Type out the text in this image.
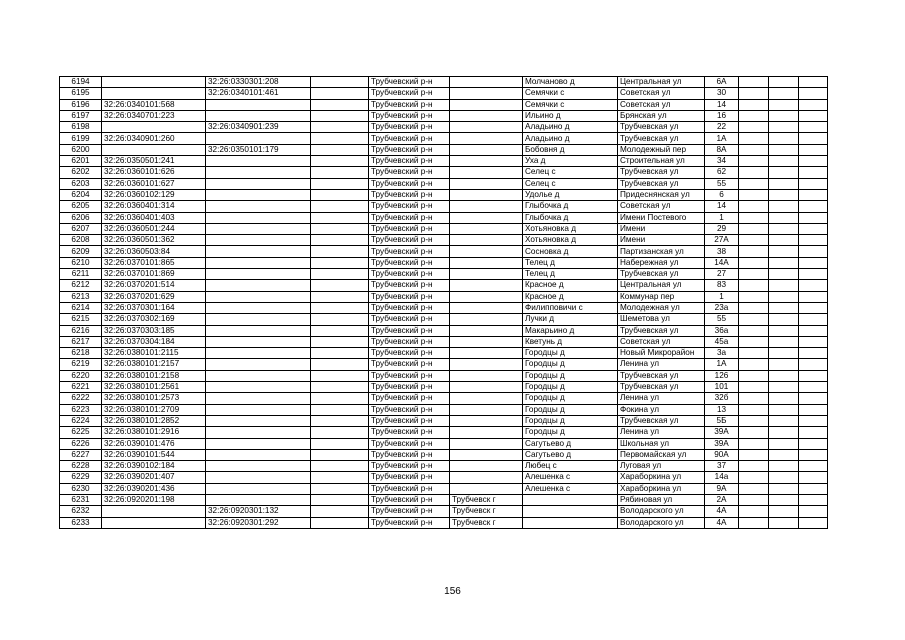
6194		32:26:0330301:208		Трубчевский р-н		Молчаново д	Центральная ул	6А			
6195		32:26:0340101:461		Трубчевский р-н		Семячки с	Советская ул	30			
6196	32:26:0340101:568			Трубчевский р-н		Семячки с	Советская ул	14			
6197	32:26:0340701:223			Трубчевский р-н		Ильино д	Брянская ул	16			
6198		32:26:0340901:239		Трубчевский р-н		Аладьино д	Трубчевская ул	22			
6199	32:26:0340901:260			Трубчевский р-н		Аладьино д	Трубчевская ул	1А			
6200		32:26:0350101:179		Трубчевский р-н		Бобовня д	Молодежный пер	8А			
6201	32:26:0350501:241			Трубчевский р-н		Уха д	Строительная ул	34			
6202	32:26:0360101:626			Трубчевский р-н		Селец с	Трубчевская ул	62			
6203	32:26:0360101:627			Трубчевский р-н		Селец с	Трубчевская ул	55			
6204	32:26:0360102:129			Трубчевский р-н		Удолье д	Придеснянская ул	6			
6205	32:26:0360401:314			Трубчевский р-н		Глыбочка д	Советская ул	14			
6206	32:26:0360401:403			Трубчевский р-н		Глыбочка д	Имени Постевого	1			
6207	32:26:0360501:244			Трубчевский р-н		Хотьяновка д	Имени	29			
6208	32:26:0360501:362			Трубчевский р-н		Хотьяновка д	Имени	27А			
6209	32:26:0360503:84			Трубчевский р-н		Сосновка д	Партизанская ул	38			
6210	32:26:0370101:865			Трубчевский р-н		Телец д	Набережная ул	14А			
6211	32:26:0370101:869			Трубчевский р-н		Телец д	Трубчевская ул	27			
6212	32:26:0370201:514			Трубчевский р-н		Красное д	Центральная ул	83			
6213	32:26:0370201:629			Трубчевский р-н		Красное д	Коммунар пер	1			
6214	32:26:0370301:164			Трубчевский р-н		Филипповичи с	Молодежная ул	23а			
6215	32:26:0370302:169			Трубчевский р-н		Лучки д	Шеметова ул	55			
6216	32:26:0370303:185			Трубчевский р-н		Макарьино д	Трубчевская ул	36а			
6217	32:26:0370304:184			Трубчевский р-н		Кветунь д	Советская ул	45а			
6218	32:26:0380101:2115			Трубчевский р-н		Городцы д	Новый Микрорайон	3а			
6219	32:26:0380101:2157			Трубчевский р-н		Городцы д	Ленина ул	1А			
6220	32:26:0380101:2158			Трубчевский р-н		Городцы д	Трубчевская ул	126			
6221	32:26:0380101:2561			Трубчевский р-н		Городцы д	Трубчевская ул	101			
6222	32:26:0380101:2573			Трубчевский р-н		Городцы д	Ленина ул	32б			
6223	32:26:0380101:2709			Трубчевский р-н		Городцы д	Фокина ул	13			
6224	32:26:0380101:2852			Трубчевский р-н		Городцы д	Трубчевская ул	5Б			
6225	32:26:0380101:2916			Трубчевский р-н		Городцы д	Ленина ул	39А			
6226	32:26:0390101:476			Трубчевский р-н		Сагутьево д	Школьная ул	39А			
6227	32:26:0390101:544			Трубчевский р-н		Сагутьево д	Первомайская ул	90А			
6228	32:26:0390102:184			Трубчевский р-н		Любец с	Луговая ул	37			
6229	32:26:0390201:407			Трубчевский р-н		Алешенка с	Хараборкина ул	14а			
6230	32:26:0390201:436			Трубчевский р-н		Алешенка с	Хараборкина ул	9А			
6231	32:26:0920201:198			Трубчевский р-н	Трубчевск г		Рябиновая ул	2А			
6232		32:26:0920301:132		Трубчевский р-н	Трубчевск г		Володарского ул	4А			
6233		32:26:0920301:292		Трубчевский р-н	Трубчевск г		Володарского ул	4А			
156
